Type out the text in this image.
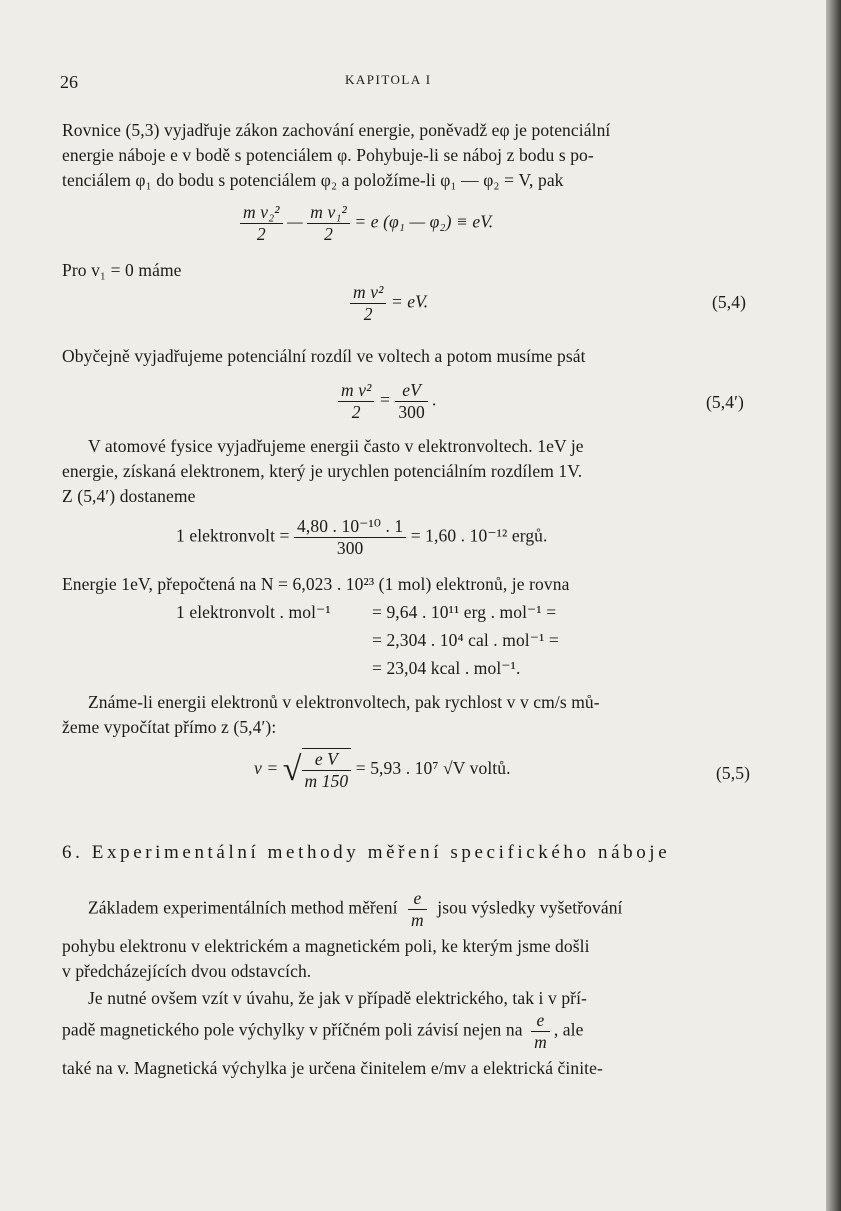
26	KAPITOLA I
Rovnice (5,3) vyjadřuje zákon zachování energie, poněvadž eφ je potenciální
energie náboje e v bodě s potenciálem φ. Pohybuje-li se náboj z bodu s po-
tenciálem φ₁ do bodu s potenciálem φ₂ a položíme-li φ₁ — φ₂ = V, pak
$\frac{\text{m v₂²}}{2}$ — $\frac{\text{m v₁²}}{2} = e$ (φ₁ — φ₂) ≡ eV.
Pro v₁ = 0 máme
$\frac{\text{m v²}}{2}$ = eV.	(5,4)
Obyčejně vyjadřujeme potenciální rozdíl ve voltech a potom musíme psát
$\frac{\text{m v²}}{2} = \frac{eV}{300}$ .	(5,4′)
V atomové fysice vyjadřujeme energii často v elektronvoltech. 1eV je
energie, získaná elektronem, který je urychlen potenciálním rozdílem 1V.
Z (5,4′) dostaneme
1 elektronvolt = $\frac{\text{4,80 . 10⁻¹⁰ . 1}}{300} = 1,60$ . 10⁻¹² ergů.
Energie 1eV, přepočtená na N = 6,023 . 10²³ (1 mol) elektronů, je rovna
1 elektronvolt . mol⁻¹ = 9,64 . 10¹¹ erg . mol⁻¹ =
= 2,304 . 10⁴ cal . mol⁻¹ =
= 23,04 kcal . mol⁻¹.
Známe-li energii elektronů v elektronvoltech, pak rychlost v v cm/s mů-
žeme vypočítat přímo z (5,4′):
v = √ $\frac{\text{e V}}{m 150} = 5,93$ . 10⁷ √V voltů.	(5,5)
6. Experimentální methody měření specifického náboje
Základem experimentálních method měření $\frac{e}{m}$ jsou výsledky vyšetřování
pohybu elektronu v elektrickém a magnetickém poli, ke kterým jsme došli
v předcházejících dvou odstavcích.
Je nutné ovšem vzít v úvahu, že jak v případě elektrického, tak i v pří-
padě magnetického pole výchylky v příčném poli závisí nejen na $\frac{e}{m}$ , ale
také na v. Magnetická výchylka je určena činitelem e/mv a elektrická činite-
